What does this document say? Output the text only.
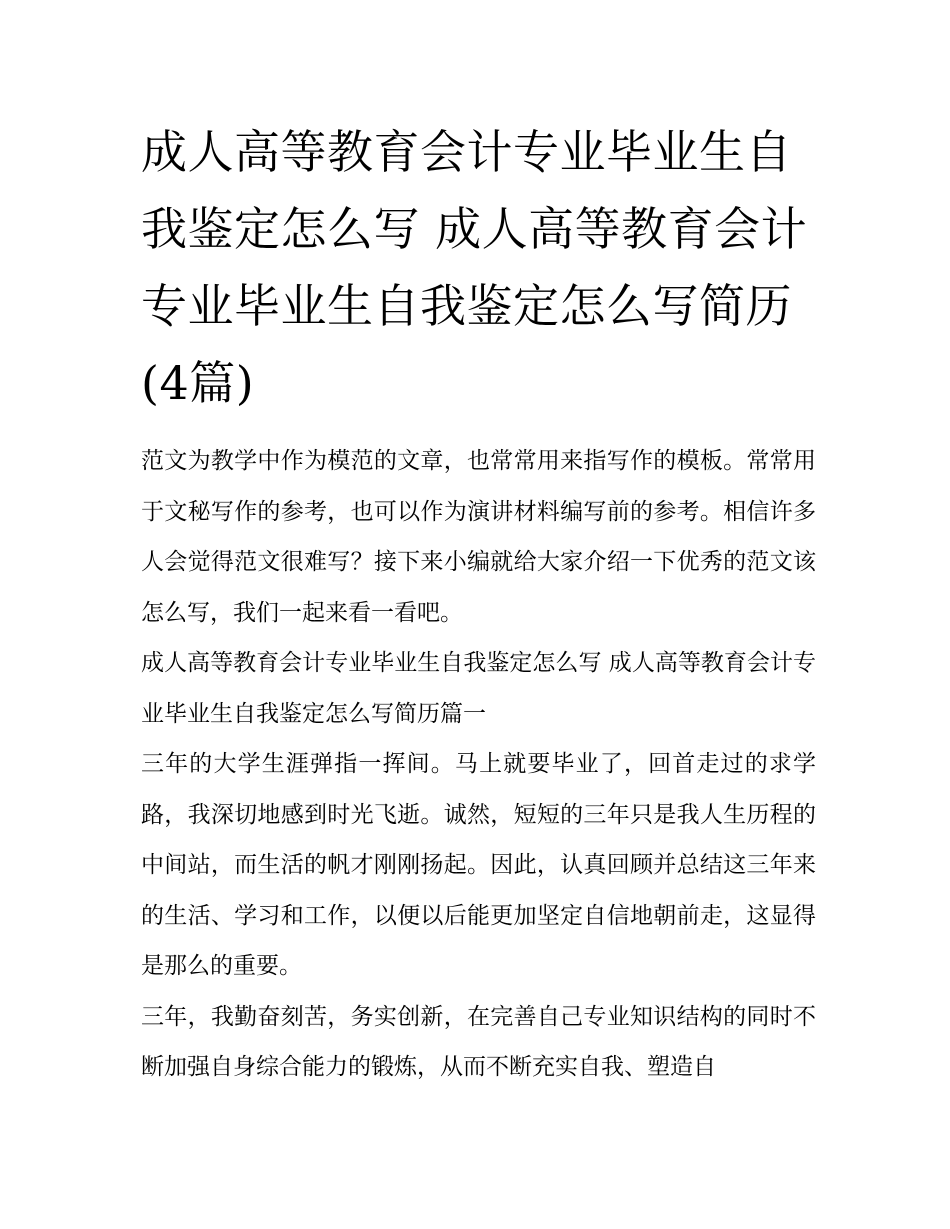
成人高等教育会计专业毕业生自我鉴定怎么写 成人高等教育会计专业毕业生自我鉴定怎么写简历(4篇)

范文为教学中作为模范的文章，也常常用来指写作的模板。常常用于文秘写作的参考，也可以作为演讲材料编写前的参考。相信许多人会觉得范文很难写？接下来小编就给大家介绍一下优秀的范文该怎么写，我们一起来看一看吧。

成人高等教育会计专业毕业生自我鉴定怎么写 成人高等教育会计专业毕业生自我鉴定怎么写简历篇一

三年的大学生涯弹指一挥间。马上就要毕业了，回首走过的求学路，我深切地感到时光飞逝。诚然，短短的三年只是我人生历程的中间站，而生活的帆才刚刚扬起。因此，认真回顾并总结这三年来的生活、学习和工作，以便以后能更加坚定自信地朝前走，这显得是那么的重要。

三年，我勤奋刻苦，务实创新，在完善自己专业知识结构的同时不断加强自身综合能力的锻炼，从而不断充实自我、塑造自
